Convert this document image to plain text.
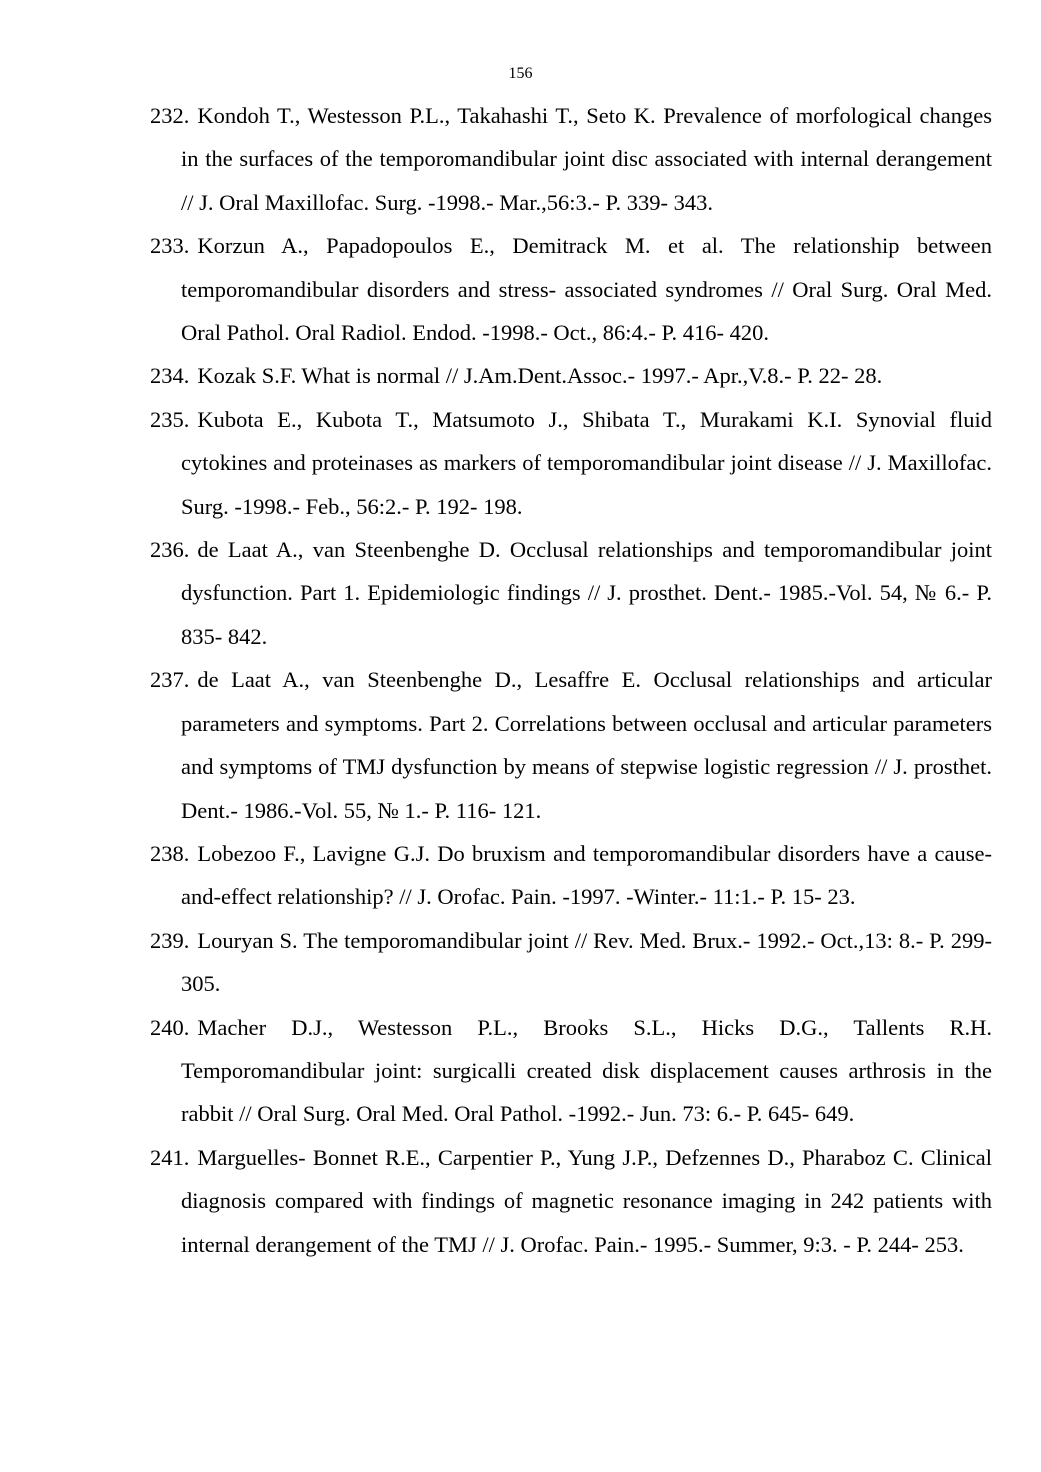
156
232. Kondoh T., Westesson P.L., Takahashi T., Seto K. Prevalence of morfological changes in the surfaces of the temporomandibular joint disc associated with internal derangement // J. Oral Maxillofac. Surg. -1998.- Mar.,56:3.- P. 339- 343.
233. Korzun A., Papadopoulos E., Demitrack M. et al. The relationship between temporomandibular disorders and stress- associated syndromes // Oral Surg. Oral Med. Oral Pathol. Oral Radiol. Endod. -1998.- Oct., 86:4.- P. 416- 420.
234. Kozak S.F. What is normal // J.Am.Dent.Assoc.- 1997.- Apr.,V.8.- P. 22- 28.
235. Kubota E., Kubota T., Matsumoto J., Shibata T., Murakami K.I. Synovial fluid cytokines and proteinases as markers of temporomandibular joint disease // J. Maxillofac. Surg. -1998.- Feb., 56:2.- P. 192- 198.
236. de Laat A., van Steenbenghe D. Occlusal relationships and temporomandibular joint dysfunction. Part 1. Epidemiologic findings // J. prosthet. Dent.- 1985.-Vol. 54, № 6.- P. 835- 842.
237. de Laat A., van Steenbenghe D., Lesaffre E. Occlusal relationships and articular parameters and symptoms. Part 2. Correlations between occlusal and articular parameters and symptoms of TMJ dysfunction by means of stepwise logistic regression // J. prosthet. Dent.- 1986.-Vol. 55, № 1.- P. 116- 121.
238. Lobezoo F., Lavigne G.J. Do bruxism and temporomandibular disorders have a cause-and-effect relationship? // J. Orofac. Pain. -1997. -Winter.- 11:1.- P. 15- 23.
239. Louryan S. The temporomandibular joint // Rev. Med. Brux.- 1992.- Oct.,13: 8.- P. 299- 305.
240. Macher D.J., Westesson P.L., Brooks S.L., Hicks D.G., Tallents R.H. Temporomandibular joint: surgicalli created disk displacement causes arthrosis in the rabbit // Oral Surg. Oral Med. Oral Pathol. -1992.- Jun. 73: 6.- P. 645- 649.
241. Marguelles- Bonnet R.E., Carpentier P., Yung J.P., Defzennes D., Pharaboz C. Clinical diagnosis compared with findings of magnetic resonance imaging in 242 patients with internal derangement of the TMJ // J. Orofac. Pain.- 1995.- Summer, 9:3. - P. 244- 253.
